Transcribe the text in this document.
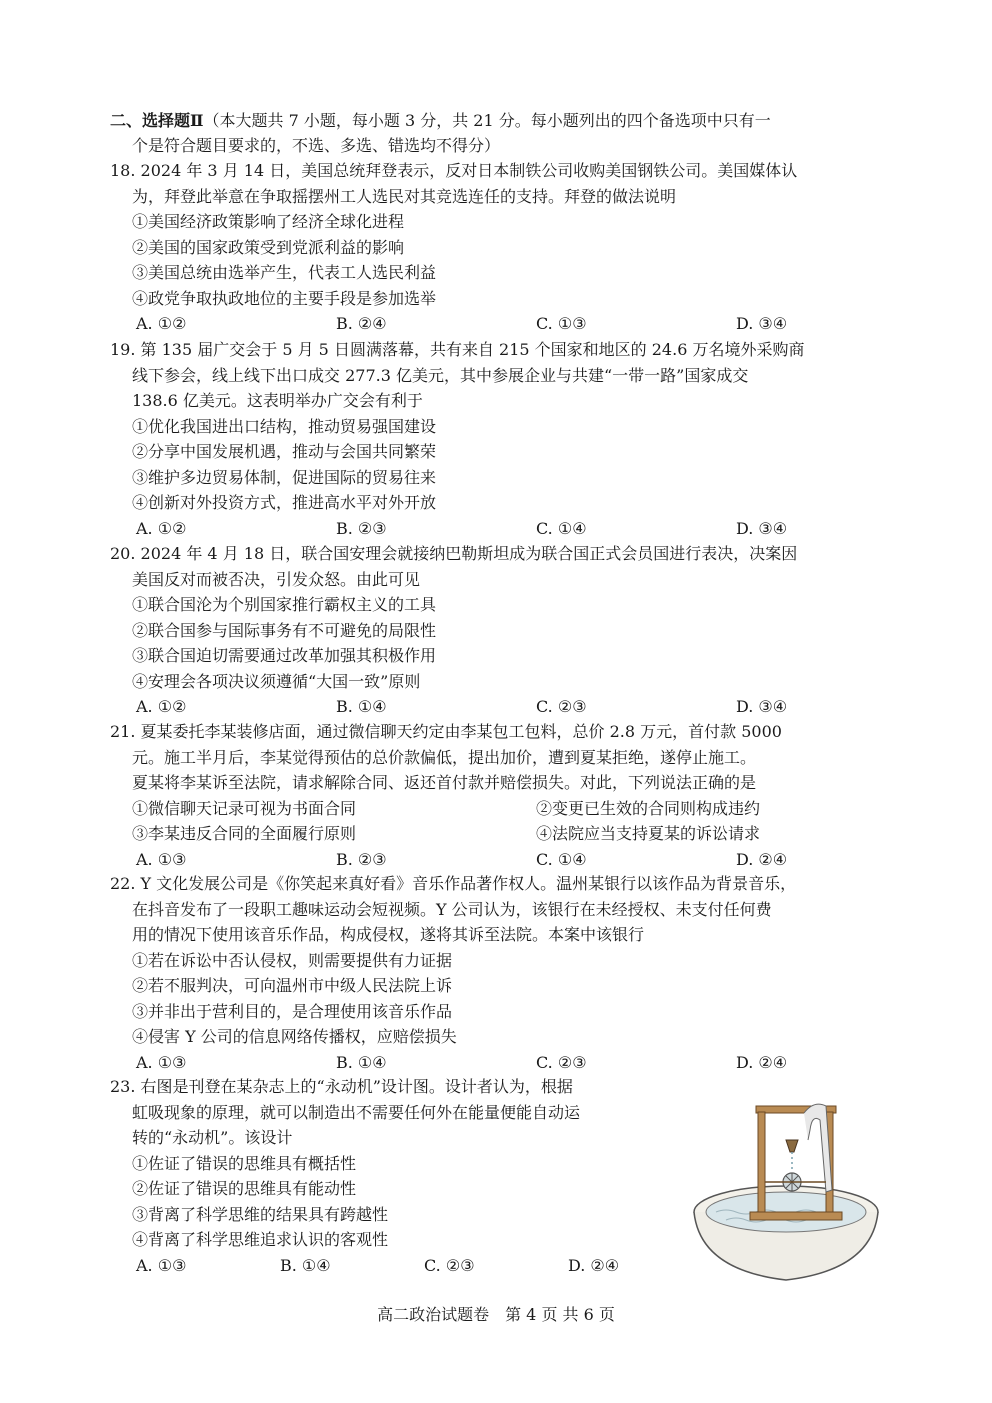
二、选择题Ⅱ（本大题共 7 小题，每小题 3 分，共 21 分。每小题列出的四个备选项中只有一
个是符合题目要求的，不选、多选、错选均不得分）
18. 2024 年 3 月 14 日，美国总统拜登表示，反对日本制铁公司收购美国钢铁公司。美国媒体认
为，拜登此举意在争取摇摆州工人选民对其竞选连任的支持。拜登的做法说明
①美国经济政策影响了经济全球化进程
②美国的国家政策受到党派利益的影响
③美国总统由选举产生，代表工人选民利益
④政党争取执政地位的主要手段是参加选举
A. ①②	B. ②④	C. ①③	D. ③④
19. 第 135 届广交会于 5 月 5 日圆满落幕，共有来自 215 个国家和地区的 24.6 万名境外采购商
线下参会，线上线下出口成交 277.3 亿美元，其中参展企业与共建“一带一路”国家成交
138.6 亿美元。这表明举办广交会有利于
①优化我国进出口结构，推动贸易强国建设
②分享中国发展机遇，推动与会国共同繁荣
③维护多边贸易体制，促进国际的贸易往来
④创新对外投资方式，推进高水平对外开放
A. ①②	B. ②③	C. ①④	D. ③④
20. 2024 年 4 月 18 日，联合国安理会就接纳巴勒斯坦成为联合国正式会员国进行表决，决案因
美国反对而被否决，引发众怒。由此可见
①联合国沦为个别国家推行霸权主义的工具
②联合国参与国际事务有不可避免的局限性
③联合国迫切需要通过改革加强其积极作用
④安理会各项决议须遵循“大国一致”原则
A. ①②	B. ①④	C. ②③	D. ③④
21. 夏某委托李某装修店面，通过微信聊天约定由李某包工包料，总价 2.8 万元，首付款 5000
元。施工半月后，李某觉得预估的总价款偏低，提出加价，遭到夏某拒绝，遂停止施工。
夏某将李某诉至法院，请求解除合同、返还首付款并赔偿损失。对此，下列说法正确的是
①微信聊天记录可视为书面合同	②变更已生效的合同则构成违约
③李某违反合同的全面履行原则	④法院应当支持夏某的诉讼请求
A. ①③	B. ②③	C. ①④	D. ②④
22. Y 文化发展公司是《你笑起来真好看》音乐作品著作权人。温州某银行以该作品为背景音乐，
在抖音发布了一段职工趣味运动会短视频。Y 公司认为，该银行在未经授权、未支付任何费
用的情况下使用该音乐作品，构成侵权，遂将其诉至法院。本案中该银行
①若在诉讼中否认侵权，则需要提供有力证据
②若不服判决，可向温州市中级人民法院上诉
③并非出于营利目的，是合理使用该音乐作品
④侵害 Y 公司的信息网络传播权，应赔偿损失
A. ①③	B. ①④	C. ②③	D. ②④
23. 右图是刊登在某杂志上的“永动机”设计图。设计者认为，根据
虹吸现象的原理，就可以制造出不需要任何外在能量便能自动运
转的“永动机”。该设计
①佐证了错误的思维具有概括性
②佐证了错误的思维具有能动性
③背离了科学思维的结果具有跨越性
④背离了科学思维追求认识的客观性
A. ①③	B. ①④	C. ②③	D. ②④
高二政治试题卷　第 4 页 共 6 页
